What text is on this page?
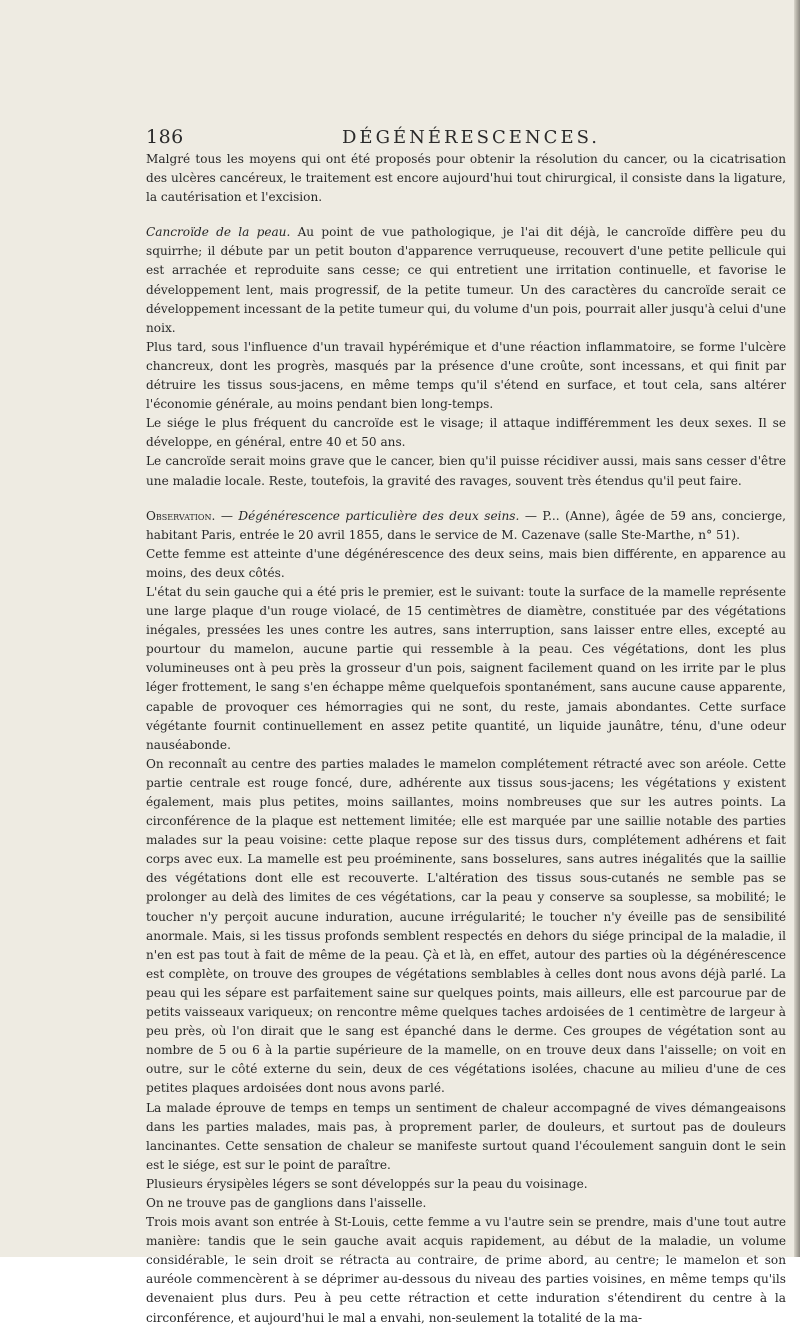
186	DÉGÉNÉRESCENCES.

Malgré tous les moyens qui ont été proposés pour obtenir la résolution du cancer, ou la cicatrisation des ulcères cancéreux, le traitement est encore aujourd'hui tout chirurgical, il consiste dans la ligature, la cautérisation et l'excision.

Cancroïde de la peau. Au point de vue pathologique, je l'ai dit déjà, le cancroïde diffère peu du squirrhe; il débute par un petit bouton d'apparence verruqueuse, recouvert d'une petite pellicule qui est arrachée et reproduite sans cesse; ce qui entretient une irritation continuelle, et favorise le développement lent, mais progressif, de la petite tumeur. Un des caractères du cancroïde serait ce développement incessant de la petite tumeur qui, du volume d'un pois, pourrait aller jusqu'à celui d'une noix.

Plus tard, sous l'influence d'un travail hypérémique et d'une réaction inflammatoire, se forme l'ulcère chancreux, dont les progrès, masqués par la présence d'une croûte, sont incessans, et qui finit par détruire les tissus sous-jacens, en même temps qu'il s'étend en surface, et tout cela, sans altérer l'économie générale, au moins pendant bien long-temps.

Le siége le plus fréquent du cancroïde est le visage; il attaque indifféremment les deux sexes. Il se développe, en général, entre 40 et 50 ans.

Le cancroïde serait moins grave que le cancer, bien qu'il puisse récidiver aussi, mais sans cesser d'être une maladie locale. Reste, toutefois, la gravité des ravages, souvent très étendus qu'il peut faire.

Observation. — Dégénérescence particulière des deux seins. — P... (Anne), âgée de 59 ans, concierge, habitant Paris, entrée le 20 avril 1855, dans le service de M. Cazenave (salle Ste-Marthe, n° 51).

Cette femme est atteinte d'une dégénérescence des deux seins, mais bien différente, en apparence au moins, des deux côtés.

L'état du sein gauche qui a été pris le premier, est le suivant: toute la surface de la mamelle représente une large plaque d'un rouge violacé, de 15 centimètres de diamètre, constituée par des végétations inégales, pressées les unes contre les autres, sans interruption, sans laisser entre elles, excepté au pourtour du mamelon, aucune partie qui ressemble à la peau. Ces végétations, dont les plus volumineuses ont à peu près la grosseur d'un pois, saignent facilement quand on les irrite par le plus léger frottement, le sang s'en échappe même quelquefois spontanément, sans aucune cause apparente, capable de provoquer ces hémorragies qui ne sont, du reste, jamais abondantes. Cette surface végétante fournit continuellement en assez petite quantité, un liquide jaunâtre, ténu, d'une odeur nauséabonde.

On reconnaît au centre des parties malades le mamelon complétement rétracté avec son aréole. Cette partie centrale est rouge foncé, dure, adhérente aux tissus sous-jacens; les végétations y existent également, mais plus petites, moins saillantes, moins nombreuses que sur les autres points. La circonférence de la plaque est nettement limitée; elle est marquée par une saillie notable des parties malades sur la peau voisine: cette plaque repose sur des tissus durs, complétement adhérens et fait corps avec eux. La mamelle est peu proéminente, sans bosselures, sans autres inégalités que la saillie des végétations dont elle est recouverte. L'altération des tissus sous-cutanés ne semble pas se prolonger au delà des limites de ces végétations, car la peau y conserve sa souplesse, sa mobilité; le toucher n'y perçoit aucune induration, aucune irrégularité; le toucher n'y éveille pas de sensibilité anormale. Mais, si les tissus profonds semblent respectés en dehors du siége principal de la maladie, il n'en est pas tout à fait de même de la peau. Çà et là, en effet, autour des parties où la dégénérescence est complète, on trouve des groupes de végétations semblables à celles dont nous avons déjà parlé. La peau qui les sépare est parfaitement saine sur quelques points, mais ailleurs, elle est parcourue par de petits vaisseaux variqueux; on rencontre même quelques taches ardoisées de 1 centimètre de largeur à peu près, où l'on dirait que le sang est épanché dans le derme. Ces groupes de végétation sont au nombre de 5 ou 6 à la partie supérieure de la mamelle, on en trouve deux dans l'aisselle; on voit en outre, sur le côté externe du sein, deux de ces végétations isolées, chacune au milieu d'une de ces petites plaques ardoisées dont nous avons parlé.

La malade éprouve de temps en temps un sentiment de chaleur accompagné de vives démangeaisons dans les parties malades, mais pas, à proprement parler, de douleurs, et surtout pas de douleurs lancinantes. Cette sensation de chaleur se manifeste surtout quand l'écoulement sanguin dont le sein est le siége, est sur le point de paraître.

Plusieurs érysipèles légers se sont développés sur la peau du voisinage.

On ne trouve pas de ganglions dans l'aisselle.

Trois mois avant son entrée à St-Louis, cette femme a vu l'autre sein se prendre, mais d'une tout autre manière: tandis que le sein gauche avait acquis rapidement, au début de la maladie, un volume considérable, le sein droit se rétracta au contraire, de prime abord, au centre; le mamelon et son auréole commencèrent à se déprimer au-dessous du niveau des parties voisines, en même temps qu'ils devenaient plus durs. Peu à peu cette rétraction et cette induration s'étendirent du centre à la circonférence, et aujourd'hui le mal a envahi, non-seulement la totalité de la ma-
